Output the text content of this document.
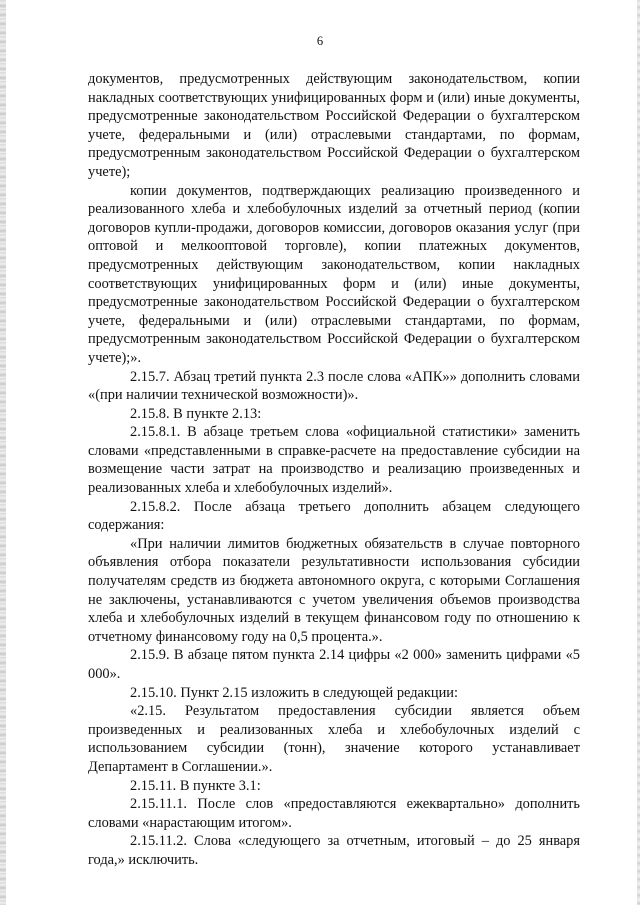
6

документов, предусмотренных действующим законодательством, копии накладных соответствующих унифицированных форм и (или) иные документы, предусмотренные законодательством Российской Федерации о бухгалтерском учете, федеральными и (или) отраслевыми стандартами, по формам, предусмотренным законодательством Российской Федерации о бухгалтерском учете);

копии документов, подтверждающих реализацию произведенного и реализованного хлеба и хлебобулочных изделий за отчетный период (копии договоров купли-продажи, договоров комиссии, договоров оказания услуг (при оптовой и мелкооптовой торговле), копии платежных документов, предусмотренных действующим законодательством, копии накладных соответствующих унифицированных форм и (или) иные документы, предусмотренные законодательством Российской Федерации о бухгалтерском учете, федеральными и (или) отраслевыми стандартами, по формам, предусмотренным законодательством Российской Федерации о бухгалтерском учете);».

2.15.7. Абзац третий пункта 2.3 после слова «АПК»» дополнить словами «(при наличии технической возможности)».

2.15.8. В пункте 2.13:

2.15.8.1. В абзаце третьем слова «официальной статистики» заменить словами «представленными в справке-расчете на предоставление субсидии на возмещение части затрат на производство и реализацию произведенных и реализованных хлеба и хлебобулочных изделий».

2.15.8.2. После абзаца третьего дополнить абзацем следующего содержания:

«При наличии лимитов бюджетных обязательств в случае повторного объявления отбора показатели результативности использования субсидии получателям средств из бюджета автономного округа, с которыми Соглашения не заключены, устанавливаются с учетом увеличения объемов производства хлеба и хлебобулочных изделий в текущем финансовом году по отношению к отчетному финансовому году на 0,5 процента.».

2.15.9. В абзаце пятом пункта 2.14 цифры «2 000» заменить цифрами «5 000».

2.15.10. Пункт 2.15 изложить в следующей редакции:

«2.15. Результатом предоставления субсидии является объем произведенных и реализованных хлеба и хлебобулочных изделий с использованием субсидии (тонн), значение которого устанавливает Департамент в Соглашении.».

2.15.11. В пункте 3.1:

2.15.11.1. После слов «предоставляются ежеквартально» дополнить словами «нарастающим итогом».

2.15.11.2. Слова «следующего за отчетным, итоговый – до 25 января года,» исключить.
